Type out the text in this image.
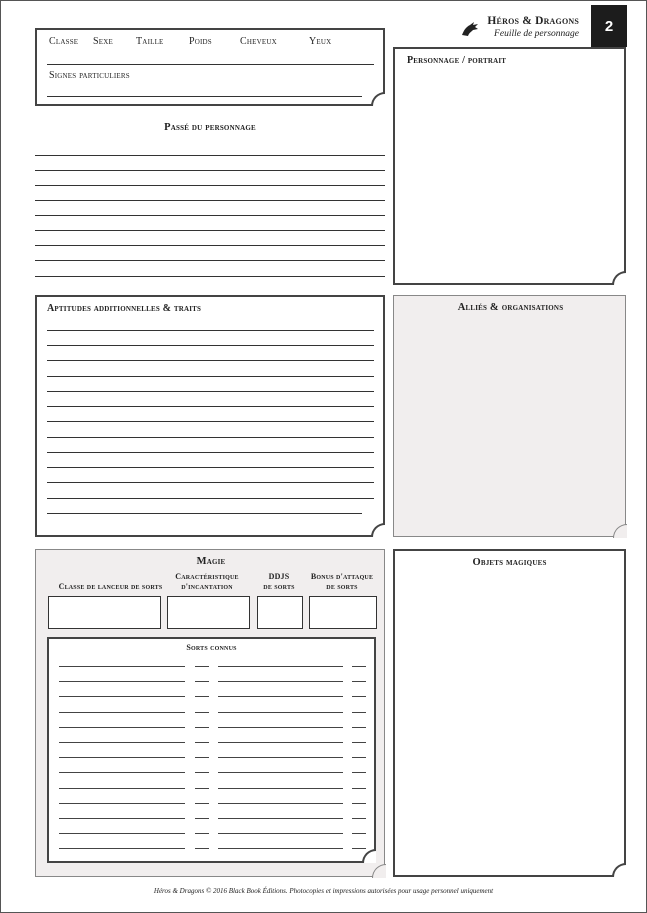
Héros & Dragons
Feuille de personnage	2
Classe Sexe Taille	Poids	Cheveux	Yeux
Signes particuliers
Personnage / portrait
Passé du personnage
Aptitudes additionnelles & traits	Alliés & organisations
Magie
Classe de lanceur de sorts
Caractéristique
d'incantation
DDJS
de sorts
Bonus d'attaque
de sorts
Sorts connus
Objets magiques
Héros & Dragons © 2016 Black Book Éditions. Photocopies et impressions autorisées pour usage personnel uniquement
